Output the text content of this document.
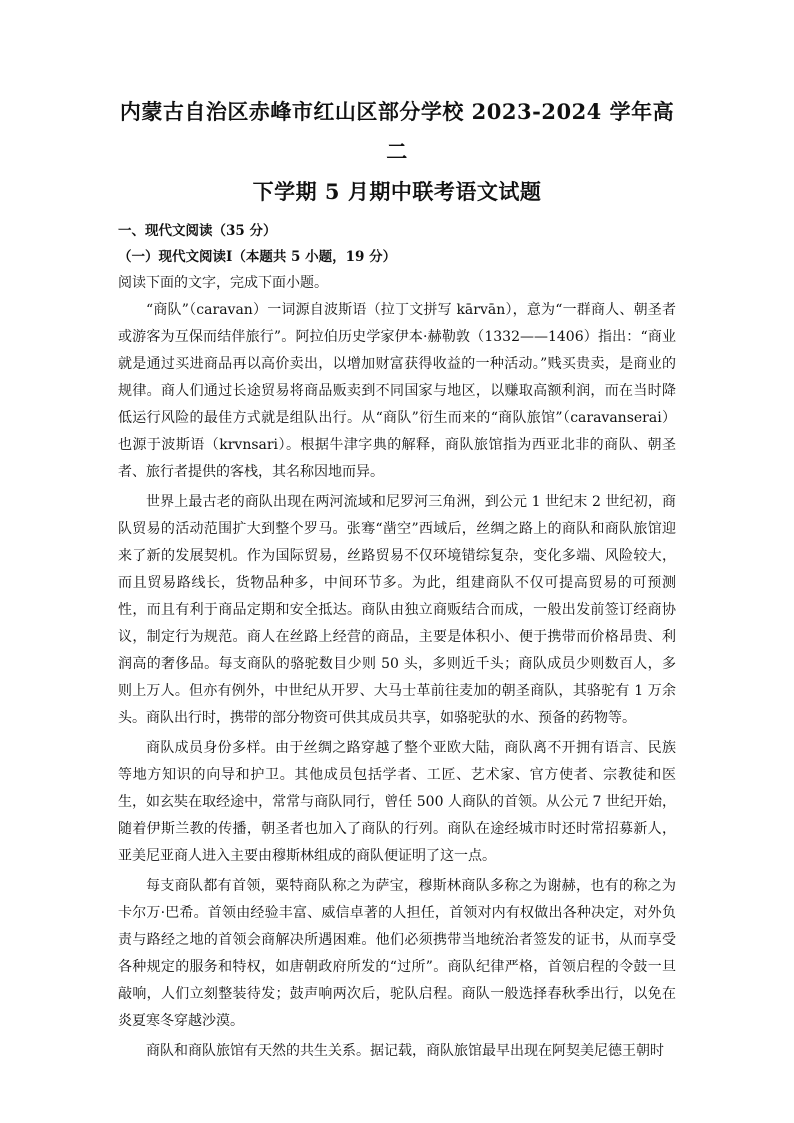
内蒙古自治区赤峰市红山区部分学校 2023-2024 学年高二
下学期 5 月期中联考语文试题
一、现代文阅读（35 分）
（一）现代文阅读Ⅰ（本题共 5 小题，19 分）
阅读下面的文字，完成下面小题。

“商队”（caravan）一词源自波斯语（拉丁文拼写 kārvān），意为“一群商人、朝圣者或游客为互保而结伴旅行”。阿拉伯历史学家伊本·赫勒敦（1332——1406）指出：“商业就是通过买进商品再以高价卖出，以增加财富获得收益的一种活动。”贱买贵卖，是商业的规律。商人们通过长途贸易将商品贩卖到不同国家与地区，以赚取高额利润，而在当时降低运行风险的最佳方式就是组队出行。从“商队”衍生而来的“商队旅馆”（caravanserai）也源于波斯语（krvnsari）。根据牛津字典的解释，商队旅馆指为西亚北非的商队、朝圣者、旅行者提供的客栈，其名称因地而异。

世界上最古老的商队出现在两河流域和尼罗河三角洲，到公元 1 世纪末 2 世纪初，商队贸易的活动范围扩大到整个罗马。张骞“凿空”西域后，丝绸之路上的商队和商队旅馆迎来了新的发展契机。作为国际贸易，丝路贸易不仅环境错综复杂，变化多端、风险较大，而且贸易路线长，货物品种多，中间环节多。为此，组建商队不仅可提高贸易的可预测性，而且有利于商品定期和安全抵达。商队由独立商贩结合而成，一般出发前签订经商协议，制定行为规范。商人在丝路上经营的商品，主要是体积小、便于携带而价格昂贵、利润高的奢侈品。每支商队的骆驼数目少则 50 头，多则近千头；商队成员少则数百人，多则上万人。但亦有例外，中世纪从开罗、大马士革前往麦加的朝圣商队，其骆驼有 1 万余头。商队出行时，携带的部分物资可供其成员共享，如骆驼驮的水、预备的药物等。

商队成员身份多样。由于丝绸之路穿越了整个亚欧大陆，商队离不开拥有语言、民族等地方知识的向导和护卫。其他成员包括学者、工匠、艺术家、官方使者、宗教徒和医生，如玄奘在取经途中，常常与商队同行，曾任 500 人商队的首领。从公元 7 世纪开始，随着伊斯兰教的传播，朝圣者也加入了商队的行列。商队在途经城市时还时常招募新人，亚美尼亚商人进入主要由穆斯林组成的商队便证明了这一点。

每支商队都有首领，粟特商队称之为萨宝，穆斯林商队多称之为谢赫，也有的称之为卡尔万·巴希。首领由经验丰富、威信卓著的人担任，首领对内有权做出各种决定，对外负责与路经之地的首领会商解决所遇困难。他们必须携带当地统治者签发的证书，从而享受各种规定的服务和特权，如唐朝政府所发的“过所”。商队纪律严格，首领启程的令鼓一旦敲响，人们立刻整装待发；鼓声响两次后，驼队启程。商队一般选择春秋季出行，以免在炎夏寒冬穿越沙漠。

商队和商队旅馆有天然的共生关系。据记载，商队旅馆最早出现在阿契美尼德王朝时
